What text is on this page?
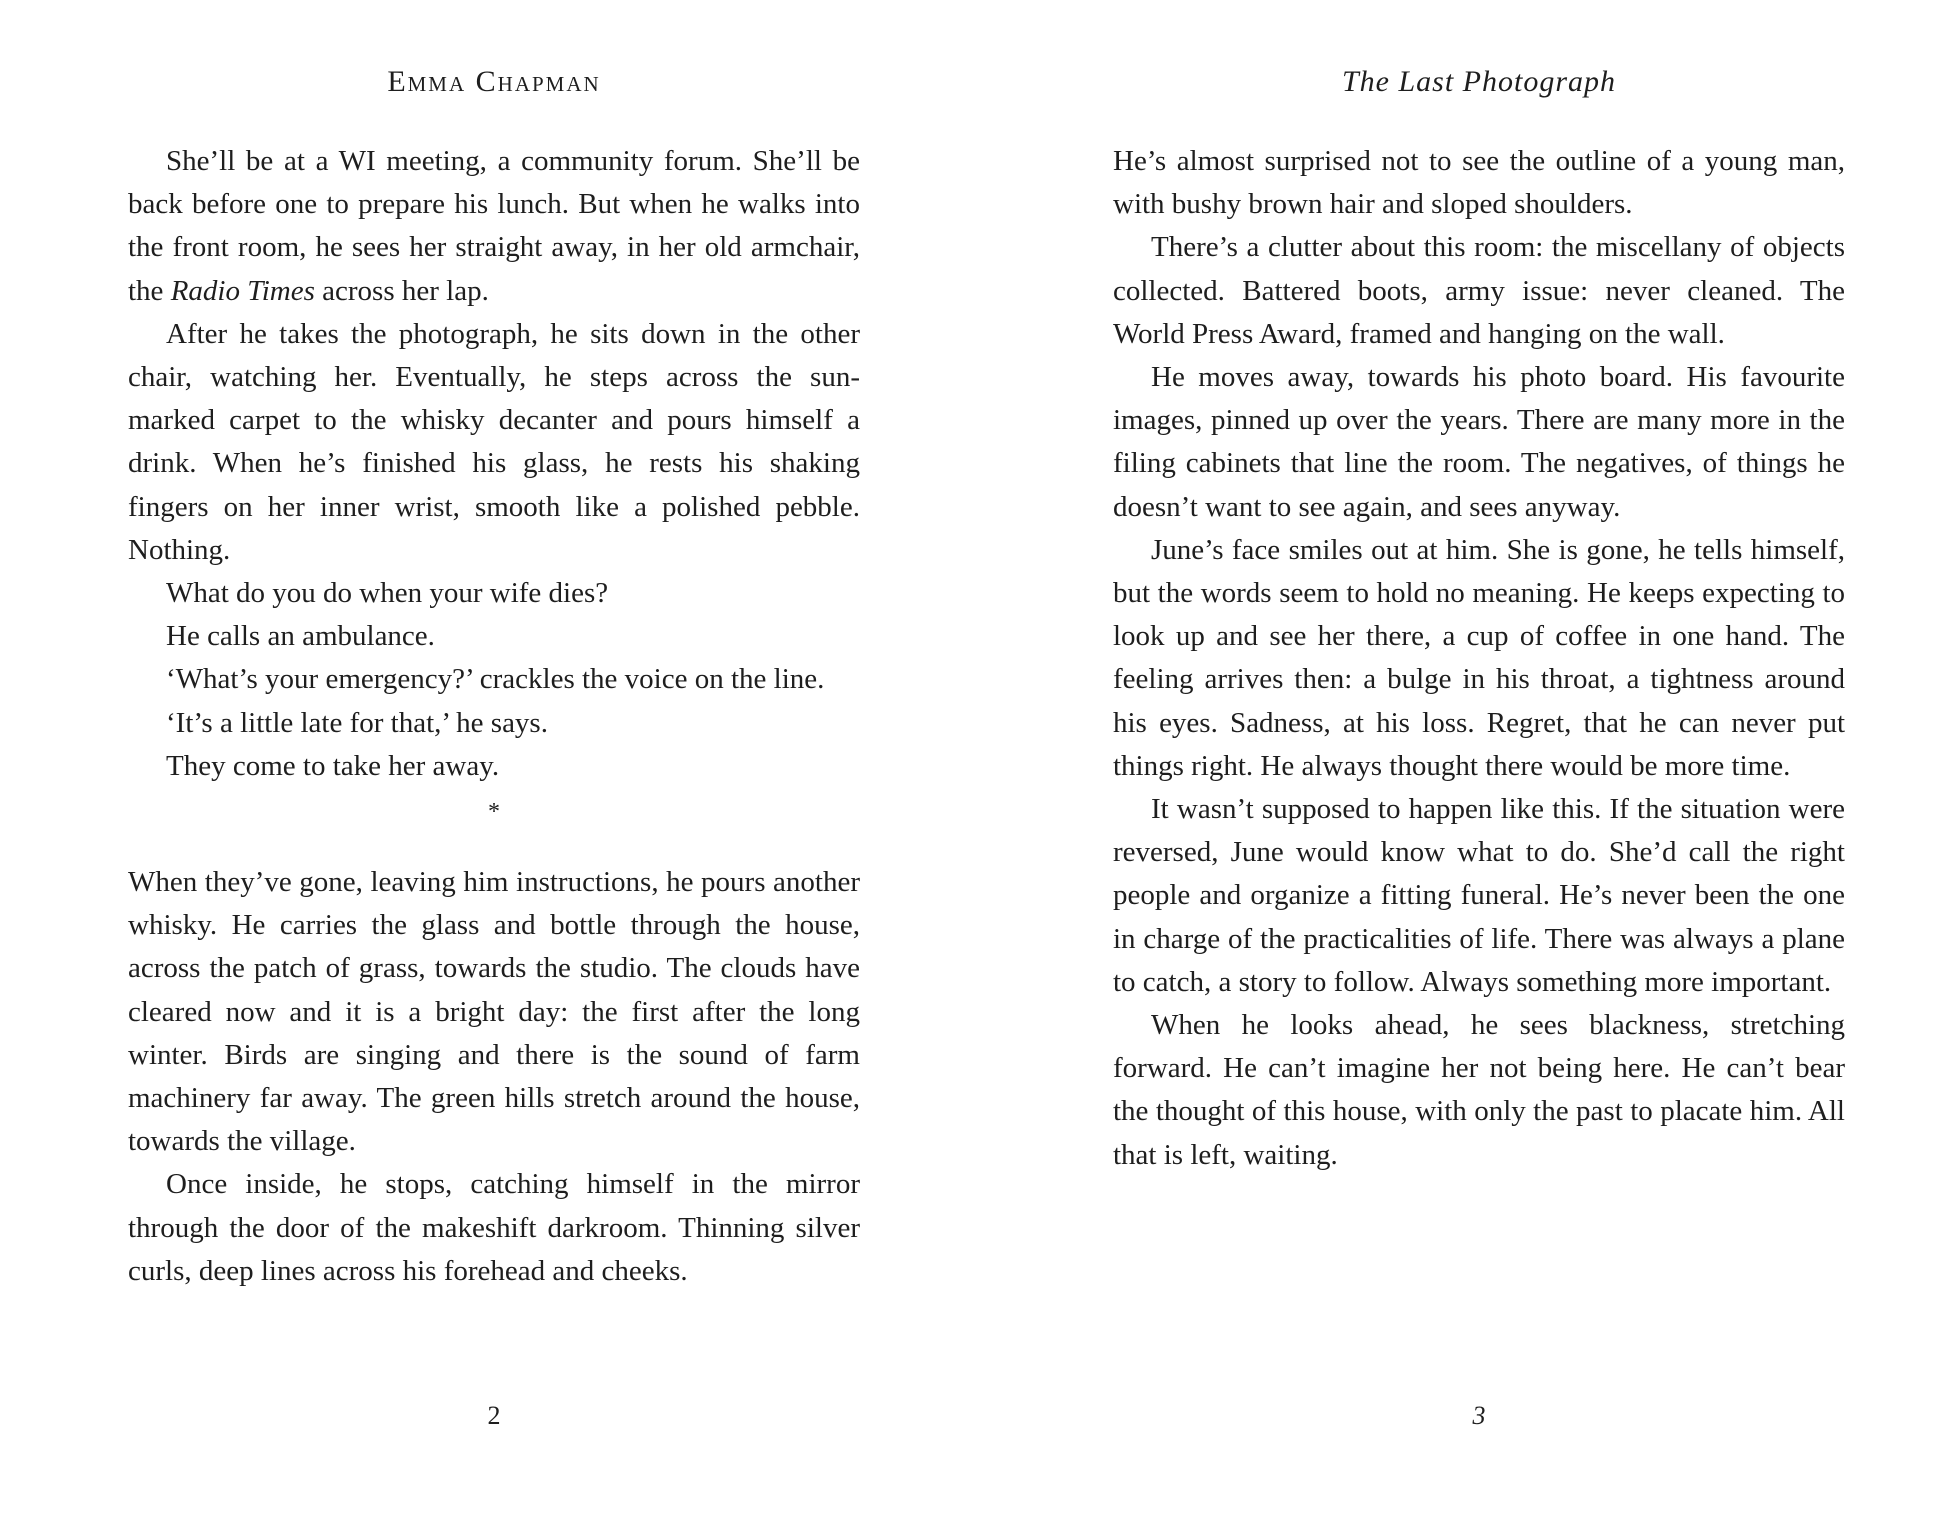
Emma Chapman

She’ll be at a WI meeting, a community forum. She’ll be back before one to prepare his lunch. But when he walks into the front room, he sees her straight away, in her old armchair, the Radio Times across her lap.

After he takes the photograph, he sits down in the other chair, watching her. Eventually, he steps across the sun-marked carpet to the whisky decanter and pours himself a drink. When he’s finished his glass, he rests his shaking fingers on her inner wrist, smooth like a polished pebble. Nothing.

What do you do when your wife dies?

He calls an ambulance.

‘What’s your emergency?’ crackles the voice on the line.

‘It’s a little late for that,’ he says.

They come to take her away.

*

When they’ve gone, leaving him instructions, he pours another whisky. He carries the glass and bottle through the house, across the patch of grass, towards the studio. The clouds have cleared now and it is a bright day: the first after the long winter. Birds are singing and there is the sound of farm machinery far away. The green hills stretch around the house, towards the village.

Once inside, he stops, catching himself in the mirror through the door of the makeshift darkroom. Thinning silver curls, deep lines across his forehead and cheeks.

2
The Last Photograph

He’s almost surprised not to see the outline of a young man, with bushy brown hair and sloped shoulders.

There’s a clutter about this room: the miscellany of objects collected. Battered boots, army issue: never cleaned. The World Press Award, framed and hanging on the wall.

He moves away, towards his photo board. His favourite images, pinned up over the years. There are many more in the filing cabinets that line the room. The negatives, of things he doesn’t want to see again, and sees anyway.

June’s face smiles out at him. She is gone, he tells himself, but the words seem to hold no meaning. He keeps expecting to look up and see her there, a cup of coffee in one hand. The feeling arrives then: a bulge in his throat, a tightness around his eyes. Sadness, at his loss. Regret, that he can never put things right. He always thought there would be more time.

It wasn’t supposed to happen like this. If the situation were reversed, June would know what to do. She’d call the right people and organize a fitting funeral. He’s never been the one in charge of the practicalities of life. There was always a plane to catch, a story to follow. Always something more important.

When he looks ahead, he sees blackness, stretching forward. He can’t imagine her not being here. He can’t bear the thought of this house, with only the past to placate him. All that is left, waiting.

3
